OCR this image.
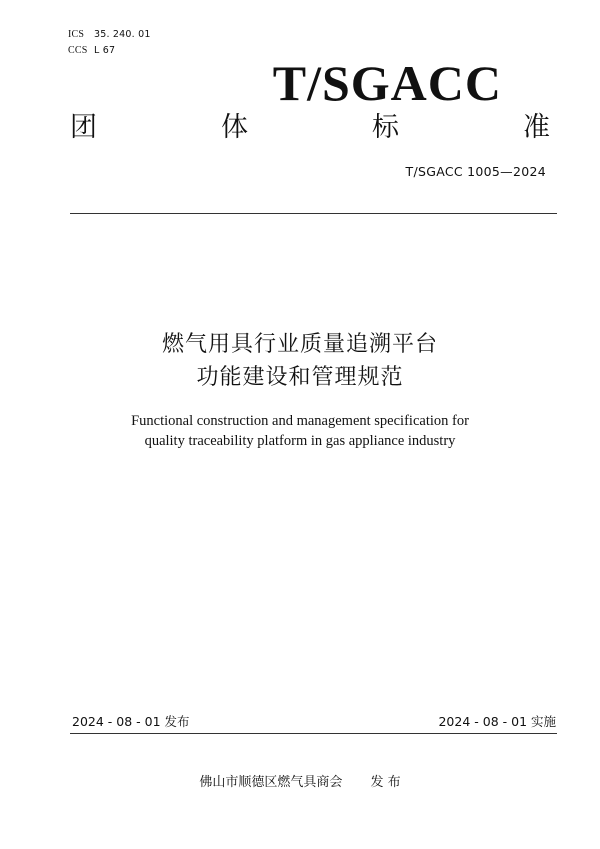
ICS 35. 240. 01
CCS L 67
T/SGACC
团	体	标	准
T/SGACC 1005—2024
燃气用具行业质量追溯平台
功能建设和管理规范
Functional construction and management specification for
quality traceability platform in gas appliance industry
2024 - 08 - 01 发布	2024 - 08 - 01 实施
佛山市顺德区燃气具商会 发 布
